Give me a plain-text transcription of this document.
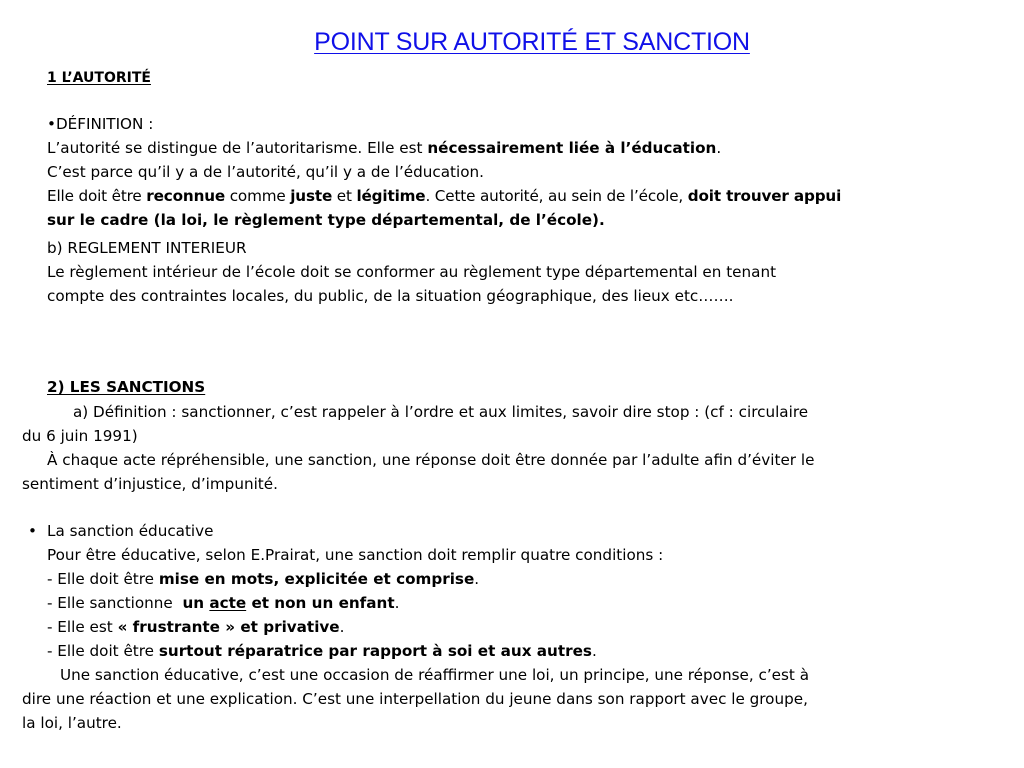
POINT SUR AUTORITÉ ET SANCTION
1 L’AUTORITÉ
•DÉFINITION :
L’autorité se distingue de l’autoritarisme. Elle est nécessairement liée à l’éducation.
C’est parce qu’il y a de l’autorité, qu’il y a de l’éducation.
Elle doit être reconnue comme juste et légitime. Cette autorité, au sein de l’école, doit trouver appui
sur le cadre (la loi, le règlement type départemental, de l’école).
b) REGLEMENT INTERIEUR
Le règlement intérieur de l’école doit se conformer au règlement type départemental en tenant
compte des contraintes locales, du public, de la situation géographique, des lieux etc…….
2) LES SANCTIONS
a) Définition : sanctionner, c’est rappeler à l’ordre et aux limites, savoir dire stop : (cf : circulaire
du 6 juin 1991)
À chaque acte répréhensible, une sanction, une réponse doit être donnée par l’adulte afin d’éviter le
sentiment d’injustice, d’impunité.
• La sanction éducative
Pour être éducative, selon E.Prairat, une sanction doit remplir quatre conditions :
- Elle doit être mise en mots, explicitée et comprise.
- Elle sanctionne  un acte et non un enfant.
- Elle est « frustrante » et privative.
- Elle doit être surtout réparatrice par rapport à soi et aux autres.
Une sanction éducative, c’est une occasion de réaffirmer une loi, un principe, une réponse, c’est à
dire une réaction et une explication. C’est une interpellation du jeune dans son rapport avec le groupe,
la loi, l’autre.
